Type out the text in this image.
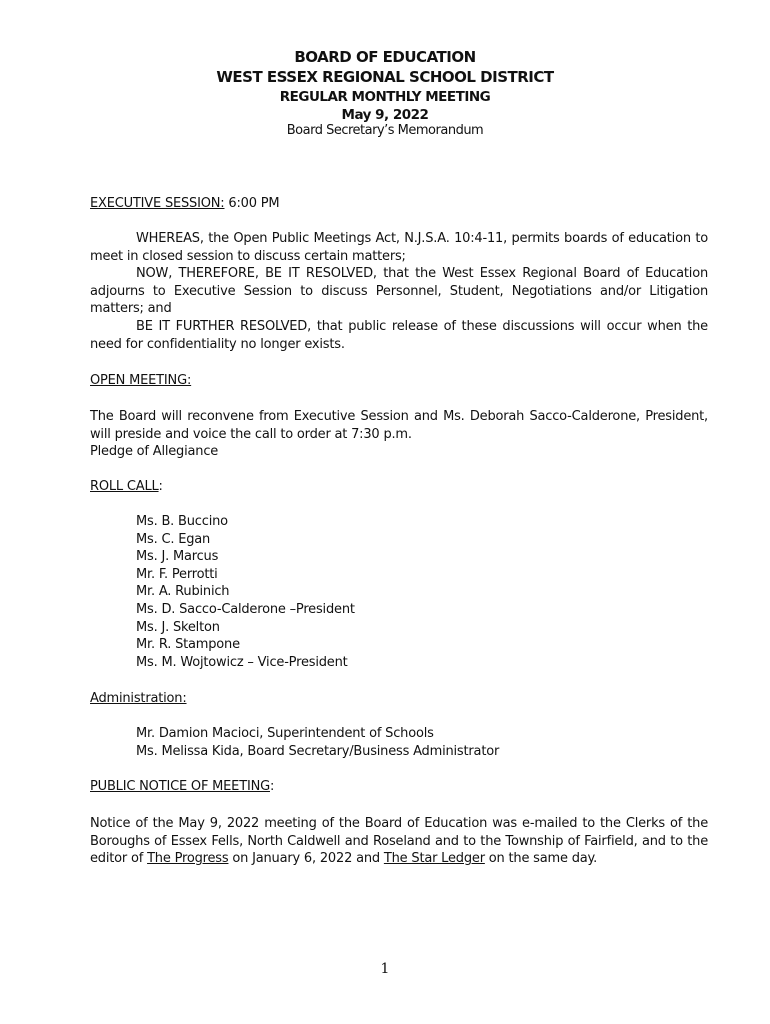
BOARD OF EDUCATION
WEST ESSEX REGIONAL SCHOOL DISTRICT
REGULAR MONTHLY MEETING
May 9, 2022
Board Secretary’s Memorandum
EXECUTIVE SESSION: 6:00 PM
WHEREAS, the Open Public Meetings Act, N.J.S.A. 10:4-11, permits boards of education to meet in closed session to discuss certain matters;
NOW, THEREFORE, BE IT RESOLVED, that the West Essex Regional Board of Education adjourns to Executive Session to discuss Personnel, Student, Negotiations and/or Litigation matters; and
BE IT FURTHER RESOLVED, that public release of these discussions will occur when the need for confidentiality no longer exists.
OPEN MEETING:
The Board will reconvene from Executive Session and Ms. Deborah Sacco-Calderone, President, will preside and voice the call to order at 7:30 p.m.
Pledge of Allegiance
ROLL CALL:
Ms. B. Buccino
Ms. C. Egan
Ms. J. Marcus
Mr. F. Perrotti
Mr. A. Rubinich
Ms. D. Sacco-Calderone –President
Ms. J. Skelton
Mr. R. Stampone
Ms. M. Wojtowicz – Vice-President
Administration:
Mr. Damion Macioci, Superintendent of Schools
Ms. Melissa Kida, Board Secretary/Business Administrator
PUBLIC NOTICE OF MEETING:
Notice of the May 9, 2022 meeting of the Board of Education was e-mailed to the Clerks of the Boroughs of Essex Fells, North Caldwell and Roseland and to the Township of Fairfield, and to the editor of The Progress on January 6, 2022 and The Star Ledger on the same day.
1
